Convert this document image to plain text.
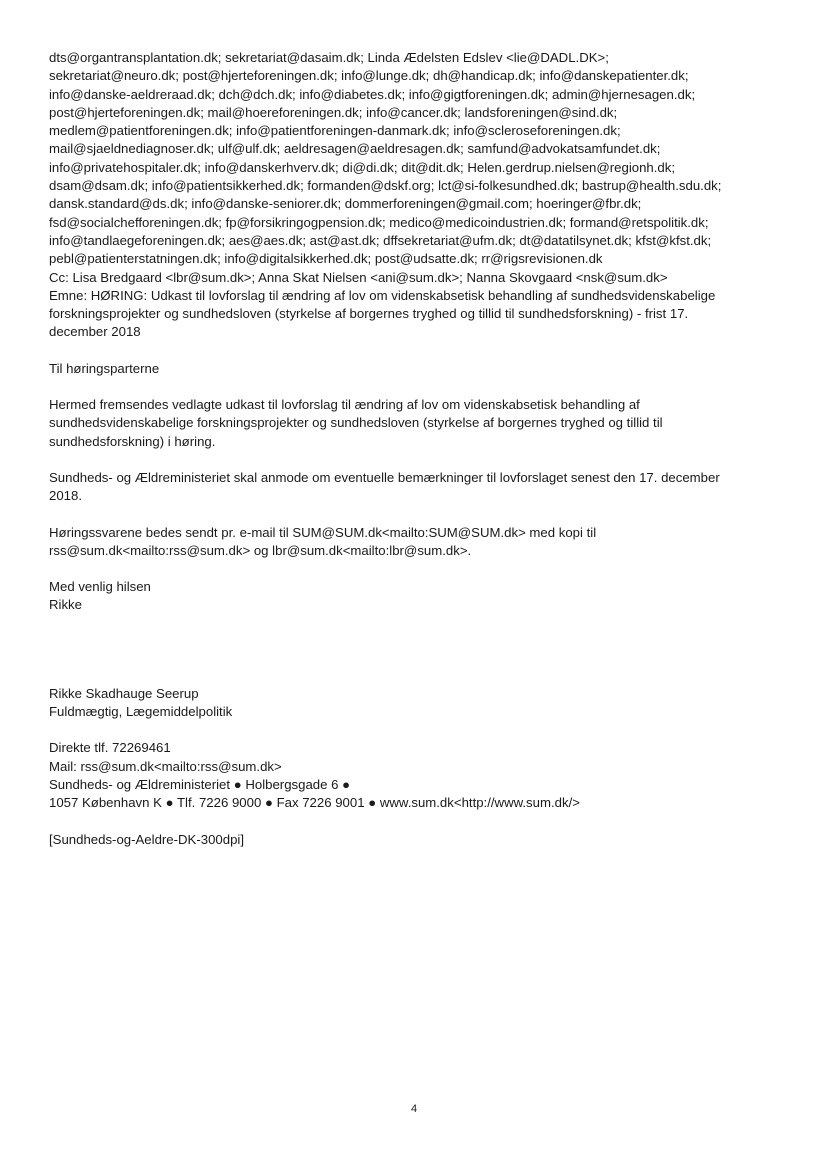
dts@organtransplantation.dk; sekretariat@dasaim.dk; Linda Ædelsten Edslev <lie@DADL.DK>;
sekretariat@neuro.dk; post@hjerteforeningen.dk; info@lunge.dk; dh@handicap.dk; info@danskepatienter.dk;
info@danske-aeldreraad.dk; dch@dch.dk; info@diabetes.dk; info@gigtforeningen.dk; admin@hjernesagen.dk;
post@hjerteforeningen.dk; mail@hoereforeningen.dk; info@cancer.dk; landsforeningen@sind.dk;
medlem@patientforeningen.dk; info@patientforeningen-danmark.dk; info@scleroseforeningen.dk;
mail@sjaeldnediagnoser.dk; ulf@ulf.dk; aeldresagen@aeldresagen.dk; samfund@advokatsamfundet.dk;
info@privatehospitaler.dk; info@danskerhverv.dk; di@di.dk; dit@dit.dk; Helen.gerdrup.nielsen@regionh.dk;
dsam@dsam.dk; info@patientsikkerhed.dk; formanden@dskf.org; lct@si-folkesundhed.dk; bastrup@health.sdu.dk;
dansk.standard@ds.dk; info@danske-seniorer.dk; dommerforeningen@gmail.com; hoeringer@fbr.dk;
fsd@socialchefforeningen.dk; fp@forsikringogpension.dk; medico@medicoindustrien.dk; formand@retspolitik.dk;
info@tandlaegeforeningen.dk; aes@aes.dk; ast@ast.dk; dffsekretariat@ufm.dk; dt@datatilsynet.dk; kfst@kfst.dk;
pebl@patienterstatningen.dk; info@digitalsikkerhed.dk; post@udsatte.dk; rr@rigsrevisionen.dk
Cc: Lisa Bredgaard <lbr@sum.dk>; Anna Skat Nielsen <ani@sum.dk>; Nanna Skovgaard <nsk@sum.dk>
Emne: HØRING: Udkast til lovforslag til ændring af lov om videnskabsetisk behandling af sundhedsvidenskabelige
forskningsprojekter og sundhedsloven (styrkelse af borgernes tryghed og tillid til sundhedsforskning) - frist 17.
december 2018
Til høringsparterne
Hermed fremsendes vedlagte udkast til lovforslag til ændring af lov om videnskabsetisk behandling af
sundhedsvidenskabelige forskningsprojekter og sundhedsloven (styrkelse af borgernes tryghed og tillid til
sundhedsforskning) i høring.
Sundheds- og Ældreministeriet skal anmode om eventuelle bemærkninger til lovforslaget senest den 17. december
2018.
Høringssvarene bedes sendt pr. e-mail til SUM@SUM.dk<mailto:SUM@SUM.dk> med kopi til
rss@sum.dk<mailto:rss@sum.dk> og lbr@sum.dk<mailto:lbr@sum.dk>.
Med venlig hilsen
Rikke
Rikke Skadhauge Seerup
Fuldmægtig, Lægemiddelpolitik
Direkte tlf. 72269461
Mail: rss@sum.dk<mailto:rss@sum.dk>
Sundheds- og Ældreministeriet ● Holbergsgade 6 ●
1057 København K ● Tlf. 7226 9000 ● Fax 7226 9001 ● www.sum.dk<http://www.sum.dk/>
[Sundheds-og-Aeldre-DK-300dpi]
4
